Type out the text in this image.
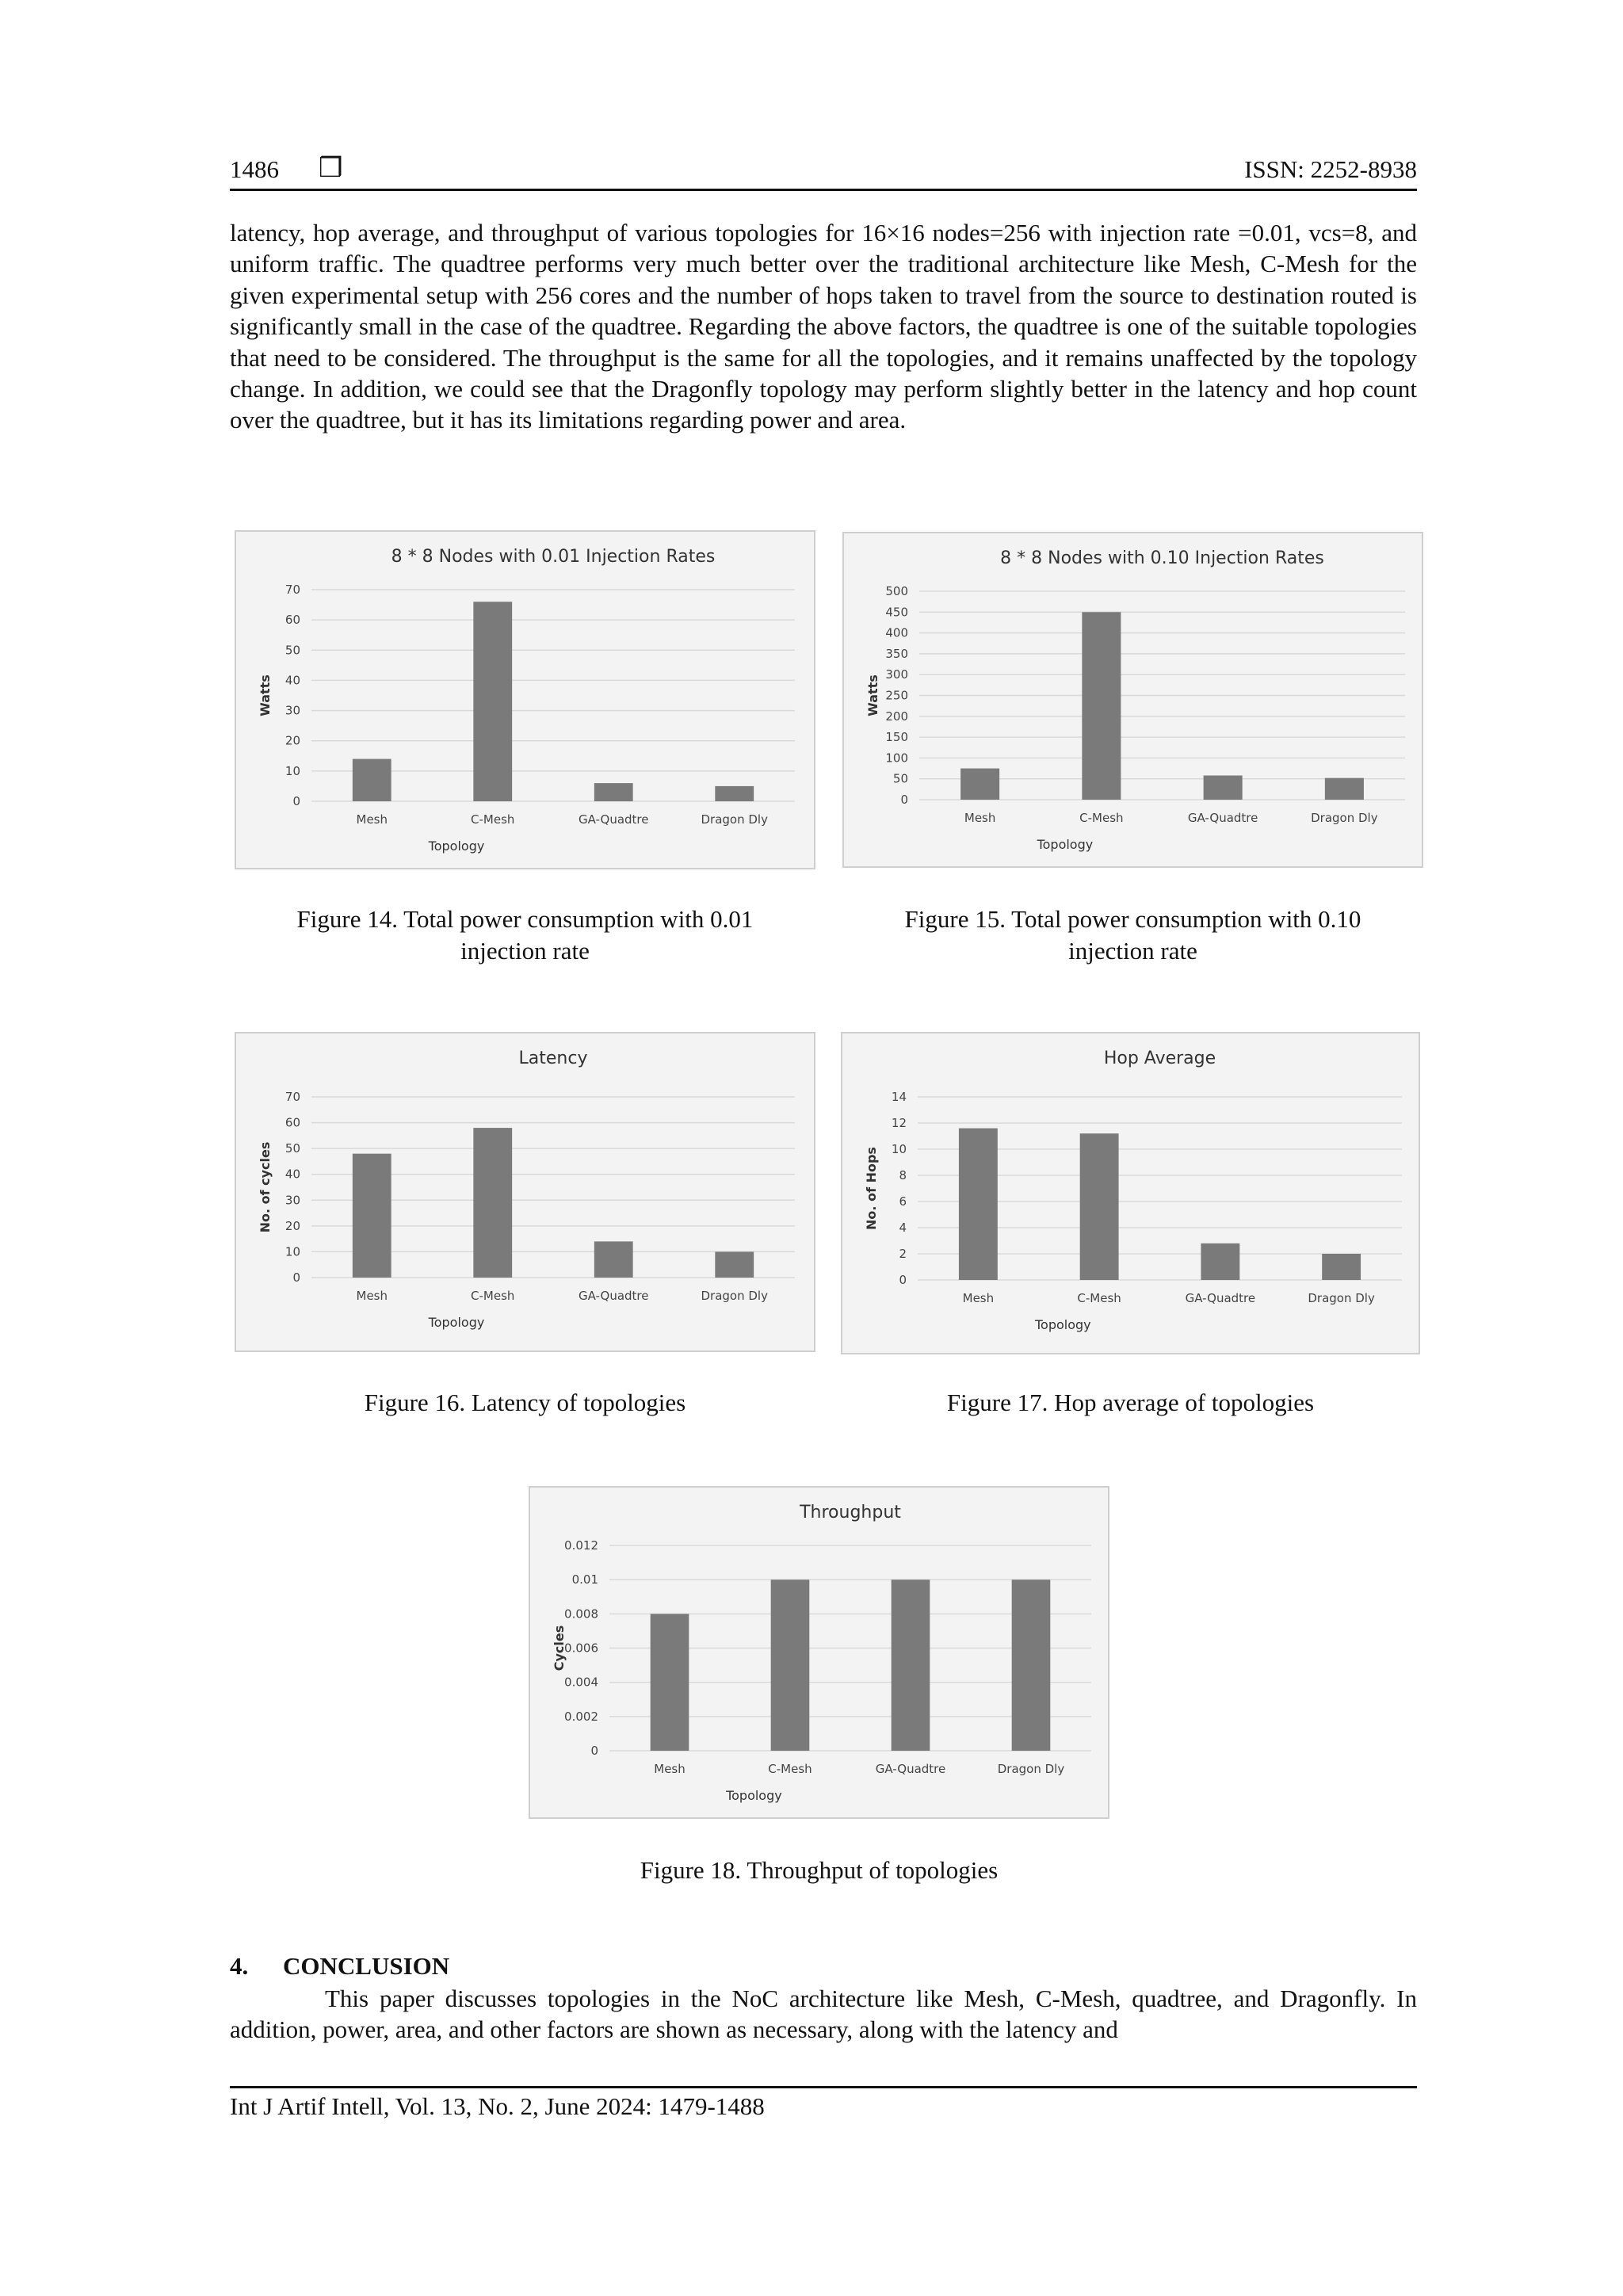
1486 ❒	ISSN: 2252-8938
latency, hop average, and throughput of various topologies for 16×16 nodes=256 with injection rate =0.01, vcs=8, and uniform traffic. The quadtree performs very much better over the traditional architecture like Mesh, C-Mesh for the given experimental setup with 256 cores and the number of hops taken to travel from the source to destination routed is significantly small in the case of the quadtree. Regarding the above factors, the quadtree is one of the suitable topologies that need to be considered. The throughput is the same for all the topologies, and it remains unaffected by the topology change. In addition, we could see that the Dragonfly topology may perform slightly better in the latency and hop count over the quadtree, but it has its limitations regarding power and area.
8 * 8 Nodes with 0.01 Injection Rates
0
10
20
30
40
50
60
70
Mesh	C-Mesh	GA-Quadtre	Dragon Dly
Topology
Watts
Figure 14. Total power consumption with 0.01
injection rate
8 * 8 Nodes with 0.10 Injection Rates
0
50
100
150
200
250
300
350
400
450
500
Mesh	C-Mesh	GA-Quadtre	Dragon Dly
Topology
Watts
Figure 15. Total power consumption with 0.10
injection rate
Latency
0
10
20
30
40
50
60
70
Mesh	C-Mesh	GA-Quadtre	Dragon Dly
Topology
No. of cycles
Figure 16. Latency of topologies
Hop Average
0
2
4
6
8
10
12
14
Mesh	C-Mesh	GA-Quadtre	Dragon Dly
Topology
No. of Hops
Figure 17. Hop average of topologies
Throughput
0
0.002
0.004
0.006
0.008
0.01
0.012
Mesh	C-Mesh	GA-Quadtre	Dragon Dly
Topology
Cycles
Figure 18. Throughput of topologies
4. CONCLUSION
This paper discusses topologies in the NoC architecture like Mesh, C-Mesh, quadtree, and Dragonfly. In addition, power, area, and other factors are shown as necessary, along with the latency and
Int J Artif Intell, Vol. 13, No. 2, June 2024: 1479-1488
